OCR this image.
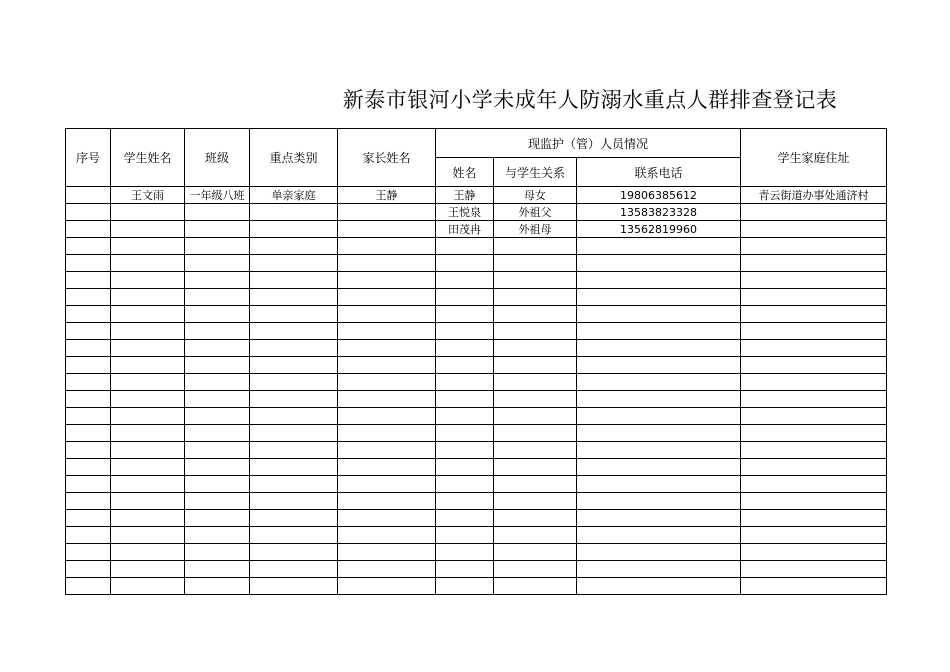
新泰市银河小学未成年人防溺水重点人群排查登记表
序号	学生姓名	班级	重点类别	家长姓名	现监护（管）人员情况			学生家庭住址
					姓名	与学生关系	联系电话	
	王文雨	一年级八班	单亲家庭	王静	王静	母女	19806385612	青云街道办事处通济村
					王悦泉	外祖父	13583823328	
					田茂冉	外祖母	13562819960	
